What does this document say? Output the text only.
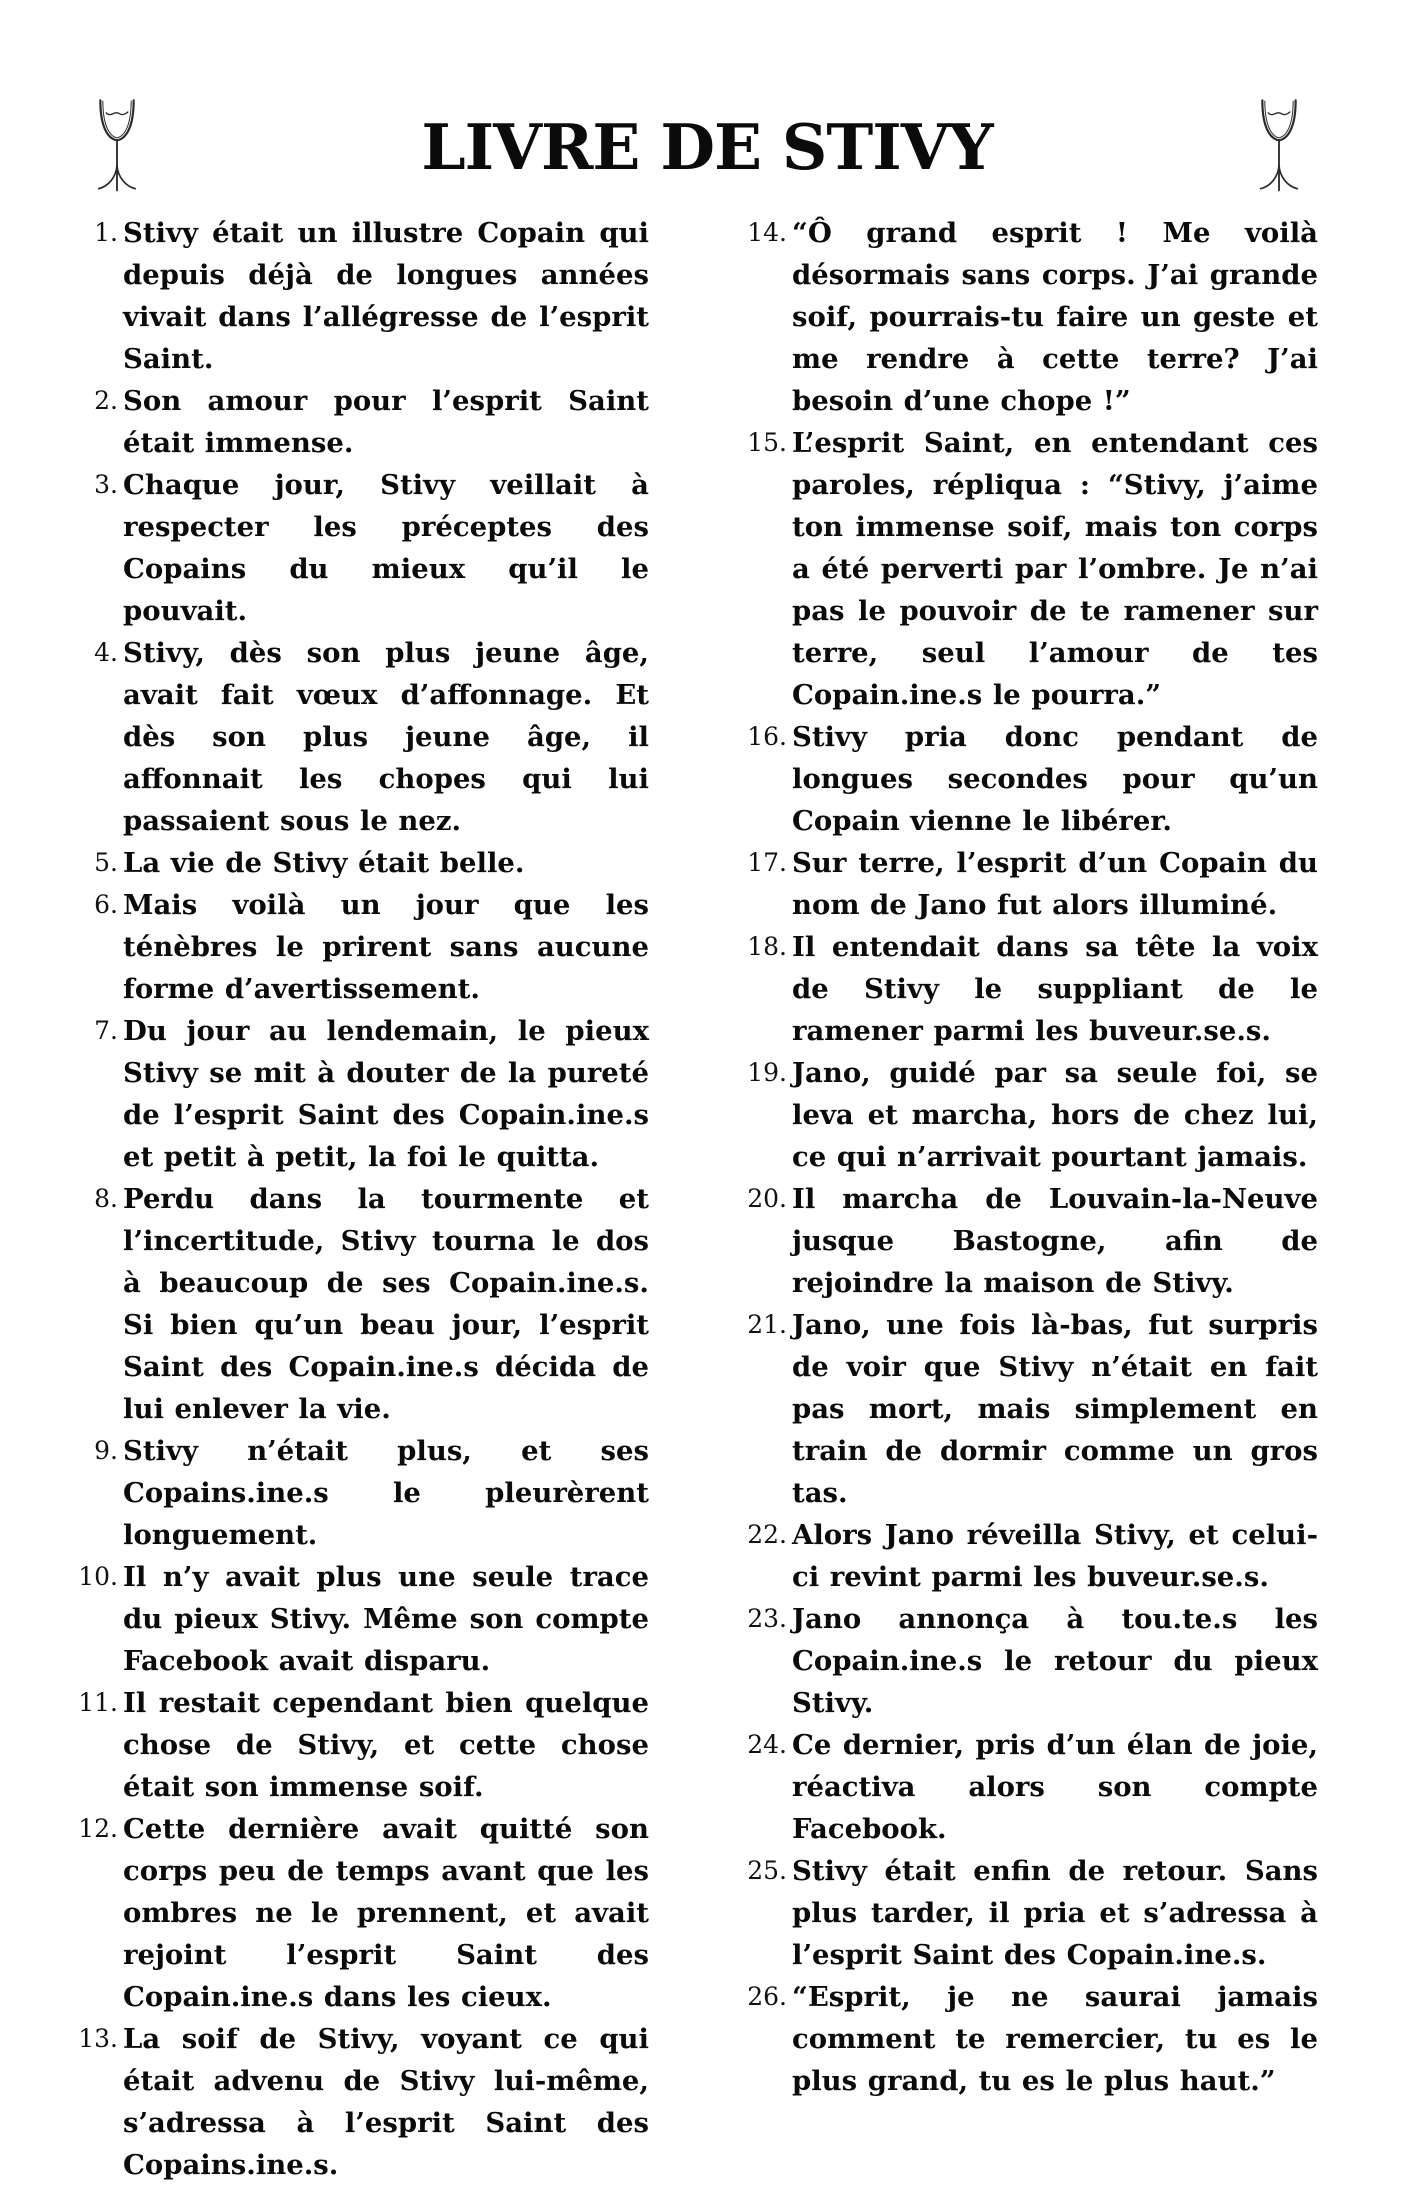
LIVRE DE STIVY
1. Stivy était un illustre Copain qui depuis déjà de longues années vivait dans l’allégresse de l’esprit Saint.
2. Son amour pour l’esprit Saint était immense.
3. Chaque jour, Stivy veillait à respecter les préceptes des Copains du mieux qu’il le pouvait.
4. Stivy, dès son plus jeune âge, avait fait vœux d’affonnage. Et dès son plus jeune âge, il affonnait les chopes qui lui passaient sous le nez.
5. La vie de Stivy était belle.
6. Mais voilà un jour que les ténèbres le prirent sans aucune forme d’avertissement.
7. Du jour au lendemain, le pieux Stivy se mit à douter de la pureté de l’esprit Saint des Copain.ine.s et petit à petit, la foi le quitta.
8. Perdu dans la tourmente et l’incertitude, Stivy tourna le dos à beaucoup de ses Copain.ine.s. Si bien qu’un beau jour, l’esprit Saint des Copain.ine.s décida de lui enlever la vie.
9. Stivy n’était plus, et ses Copains.ine.s le pleurèrent longuement.
10. Il n’y avait plus une seule trace du pieux Stivy. Même son compte Facebook avait disparu.
11. Il restait cependant bien quelque chose de Stivy, et cette chose était son immense soif.
12. Cette dernière avait quitté son corps peu de temps avant que les ombres ne le prennent, et avait rejoint l’esprit Saint des Copain.ine.s dans les cieux.
13. La soif de Stivy, voyant ce qui était advenu de Stivy lui-même, s’adressa à l’esprit Saint des Copains.ine.s.
14. “Ô grand esprit ! Me voilà désormais sans corps. J’ai grande soif, pourrais-tu faire un geste et me rendre à cette terre? J’ai besoin d’une chope !”
15. L’esprit Saint, en entendant ces paroles, répliqua : “Stivy, j’aime ton immense soif, mais ton corps a été perverti par l’ombre. Je n’ai pas le pouvoir de te ramener sur terre, seul l’amour de tes Copain.ine.s le pourra.”
16. Stivy pria donc pendant de longues secondes pour qu’un Copain vienne le libérer.
17. Sur terre, l’esprit d’un Copain du nom de Jano fut alors illuminé.
18. Il entendait dans sa tête la voix de Stivy le suppliant de le ramener parmi les buveur.se.s.
19. Jano, guidé par sa seule foi, se leva et marcha, hors de chez lui, ce qui n’arrivait pourtant jamais.
20. Il marcha de Louvain-la-Neuve jusque Bastogne, afin de rejoindre la maison de Stivy.
21. Jano, une fois là-bas, fut surpris de voir que Stivy n’était en fait pas mort, mais simplement en train de dormir comme un gros tas.
22. Alors Jano réveilla Stivy, et celui-ci revint parmi les buveur.se.s.
23. Jano annonça à tou.te.s les Copain.ine.s le retour du pieux Stivy.
24. Ce dernier, pris d’un élan de joie, réactiva alors son compte Facebook.
25. Stivy était enfin de retour. Sans plus tarder, il pria et s’adressa à l’esprit Saint des Copain.ine.s.
26. “Esprit, je ne saurai jamais comment te remercier, tu es le plus grand, tu es le plus haut.”
